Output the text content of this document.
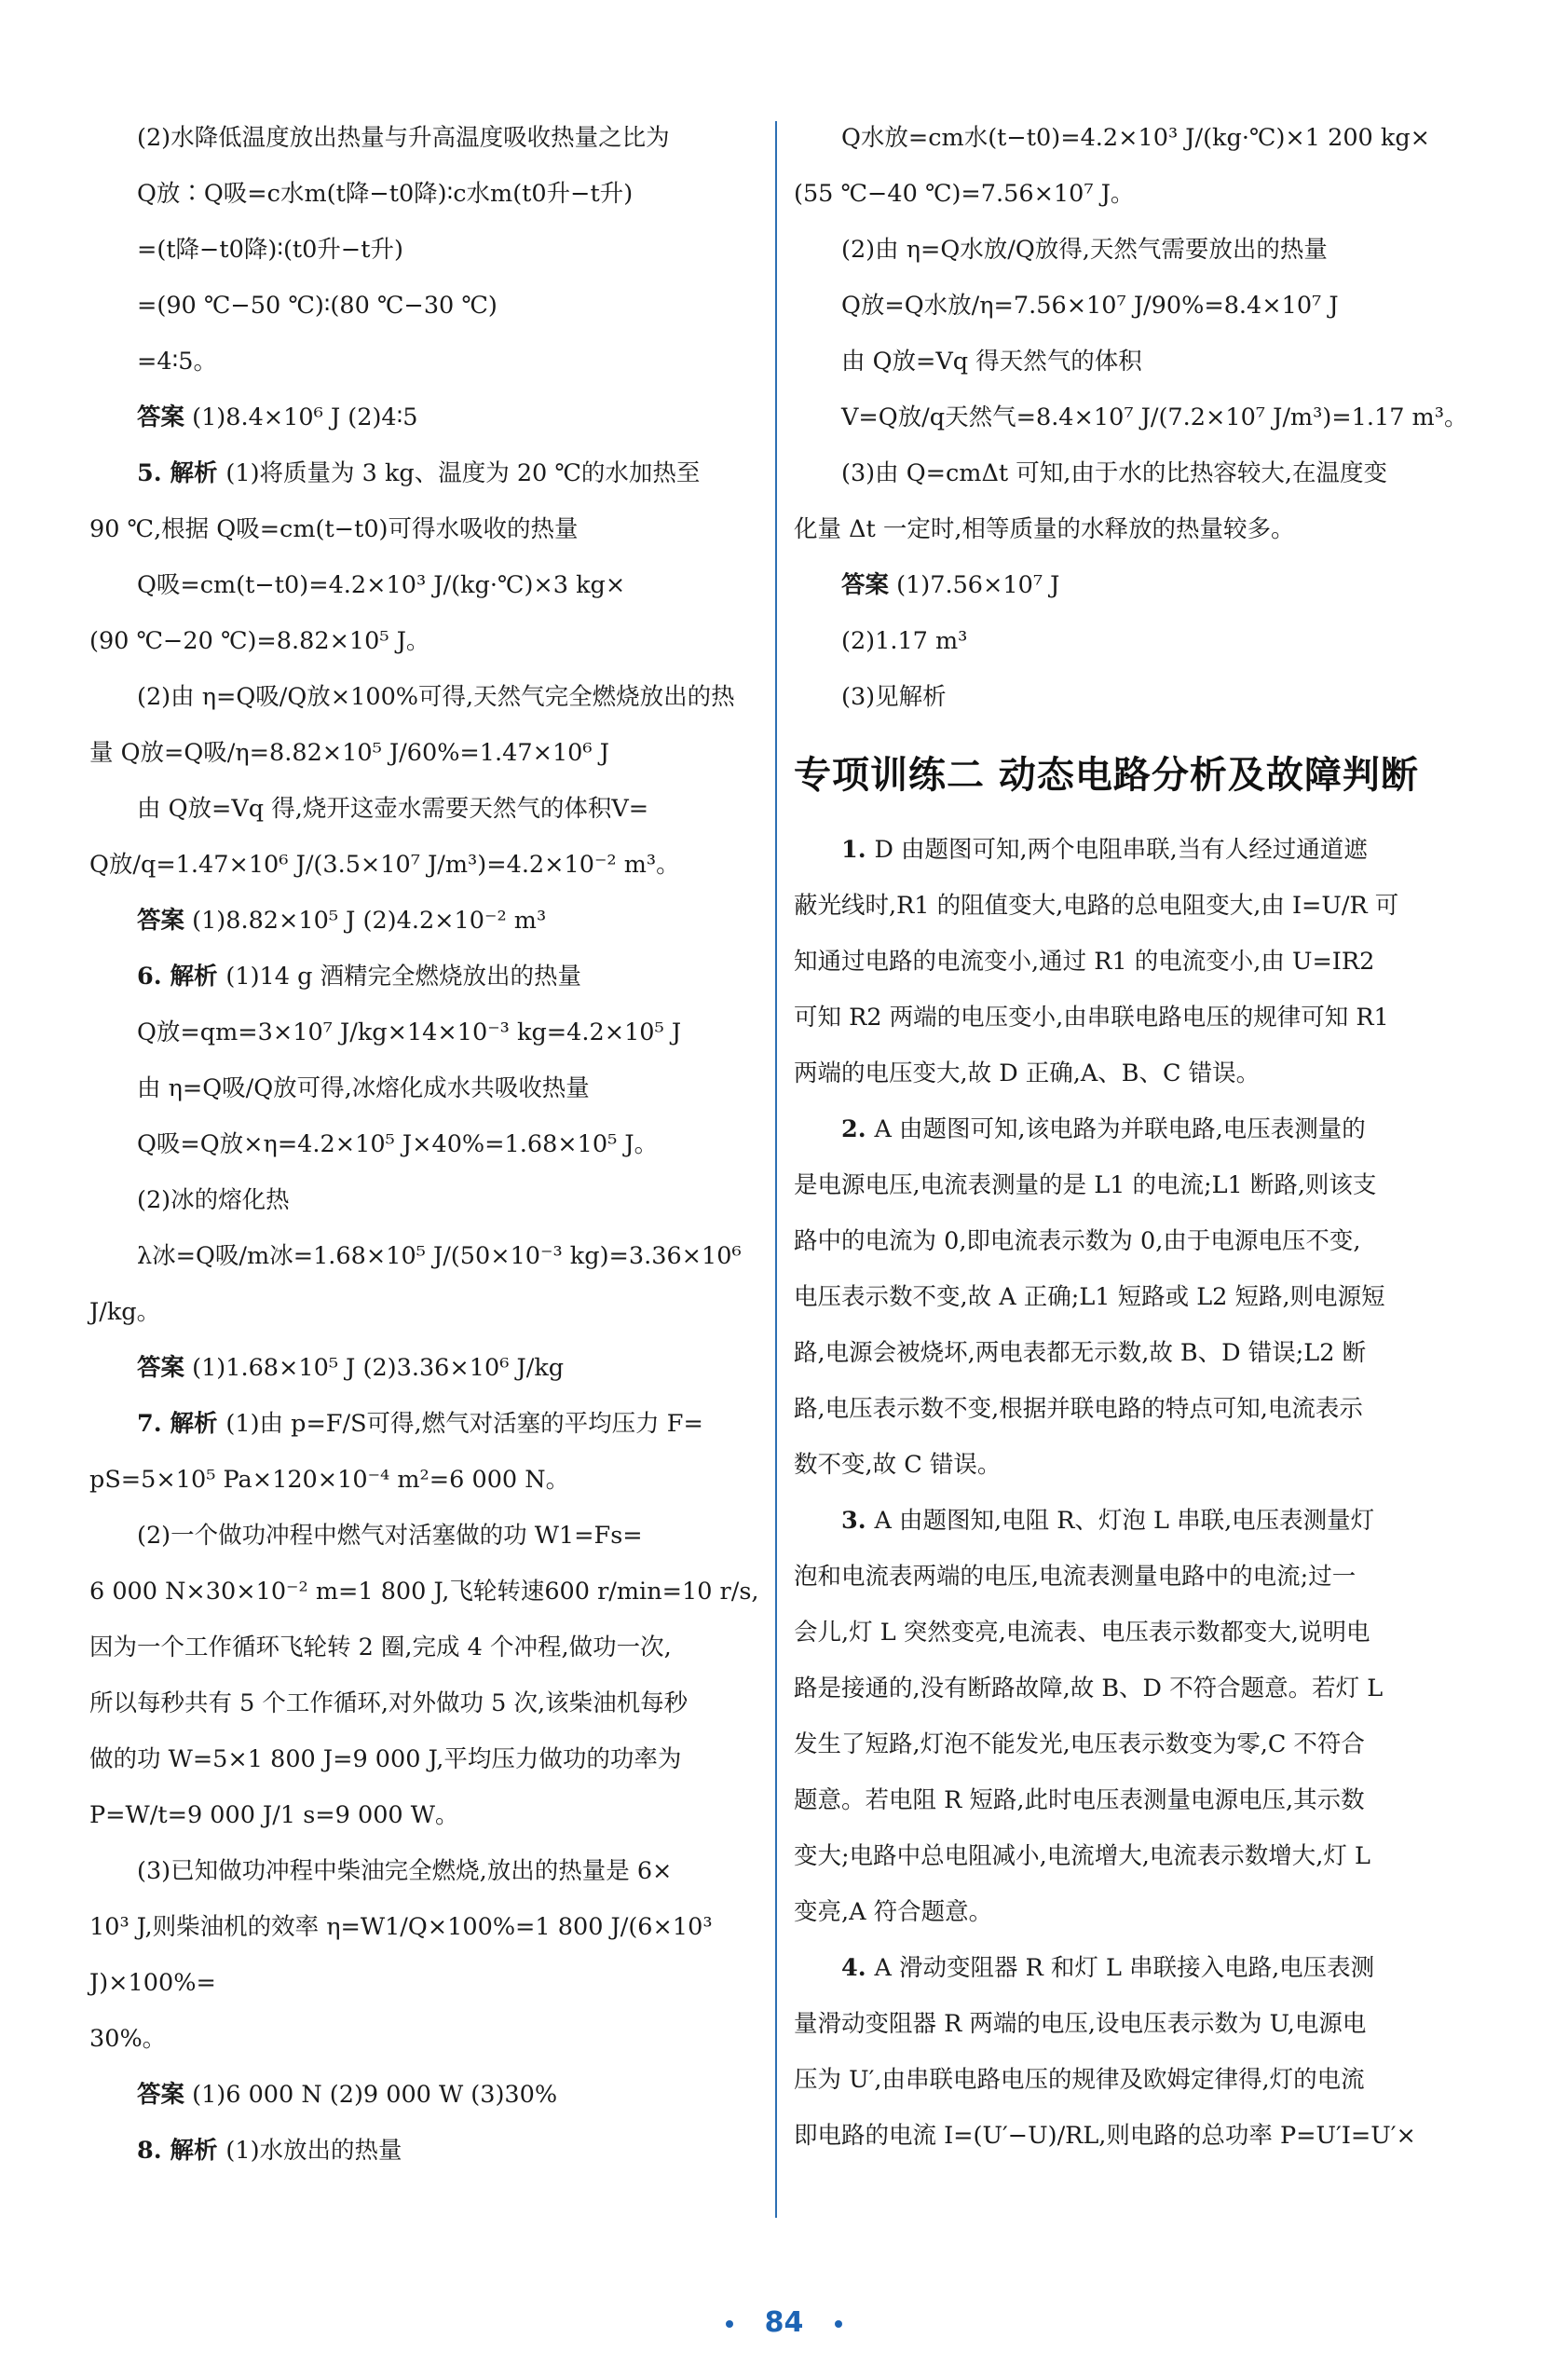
(2)水降低温度放出热量与升高温度吸收热量之比为
Q放∶Q吸=c水m(t降−t0降)∶c水m(t0升−t升)
=(t降−t0降)∶(t0升−t升)
=(90 ℃−50 ℃)∶(80 ℃−30 ℃)
=4∶5。
答案 (1)8.4×10⁶ J (2)4∶5
5. 解析 (1)将质量为 3 kg、温度为 20 ℃的水加热至
90 ℃,根据 Q吸=cm(t−t0)可得水吸收的热量
Q吸=cm(t−t0)=4.2×10³ J/(kg·℃)×3 kg×
(90 ℃−20 ℃)=8.82×10⁵ J。
(2)由 η=Q吸/Q放×100%可得,天然气完全燃烧放出的热
量 Q放=Q吸/η=8.82×10⁵ J/60%=1.47×10⁶ J
由 Q放=Vq 得,烧开这壶水需要天然气的体积V=
Q放/q=1.47×10⁶ J/(3.5×10⁷ J/m³)=4.2×10⁻² m³。
答案 (1)8.82×10⁵ J (2)4.2×10⁻² m³
6. 解析 (1)14 g 酒精完全燃烧放出的热量
Q放=qm=3×10⁷ J/kg×14×10⁻³ kg=4.2×10⁵ J
由 η=Q吸/Q放可得,冰熔化成水共吸收热量
Q吸=Q放×η=4.2×10⁵ J×40%=1.68×10⁵ J。
(2)冰的熔化热
λ冰=Q吸/m冰=1.68×10⁵ J/(50×10⁻³ kg)=3.36×10⁶ J/kg。
答案 (1)1.68×10⁵ J (2)3.36×10⁶ J/kg
7. 解析 (1)由 p=F/S可得,燃气对活塞的平均压力 F=
pS=5×10⁵ Pa×120×10⁻⁴ m²=6 000 N。
(2)一个做功冲程中燃气对活塞做的功 W1=Fs=
6 000 N×30×10⁻² m=1 800 J,飞轮转速600 r/min=10 r/s,
因为一个工作循环飞轮转 2 圈,完成 4 个冲程,做功一次,
所以每秒共有 5 个工作循环,对外做功 5 次,该柴油机每秒
做的功 W=5×1 800 J=9 000 J,平均压力做功的功率为
P=W/t=9 000 J/1 s=9 000 W。
(3)已知做功冲程中柴油完全燃烧,放出的热量是 6×
10³ J,则柴油机的效率 η=W1/Q×100%=1 800 J/(6×10³ J)×100%=
30%。
答案 (1)6 000 N (2)9 000 W (3)30%
8. 解析 (1)水放出的热量
Q水放=cm水(t−t0)=4.2×10³ J/(kg·℃)×1 200 kg×
(55 ℃−40 ℃)=7.56×10⁷ J。
(2)由 η=Q水放/Q放得,天然气需要放出的热量
Q放=Q水放/η=7.56×10⁷ J/90%=8.4×10⁷ J
由 Q放=Vq 得天然气的体积
V=Q放/q天然气=8.4×10⁷ J/(7.2×10⁷ J/m³)=1.17 m³。
(3)由 Q=cmΔt 可知,由于水的比热容较大,在温度变
化量 Δt 一定时,相等质量的水释放的热量较多。
答案 (1)7.56×10⁷ J
(2)1.17 m³
(3)见解析
专项训练二 动态电路分析及故障判断
1. D 由题图可知,两个电阻串联,当有人经过通道遮
蔽光线时,R1 的阻值变大,电路的总电阻变大,由 I=U/R 可
知通过电路的电流变小,通过 R1 的电流变小,由 U=IR2
可知 R2 两端的电压变小,由串联电路电压的规律可知 R1
两端的电压变大,故 D 正确,A、B、C 错误。
2. A 由题图可知,该电路为并联电路,电压表测量的
是电源电压,电流表测量的是 L1 的电流;L1 断路,则该支
路中的电流为 0,即电流表示数为 0,由于电源电压不变,
电压表示数不变,故 A 正确;L1 短路或 L2 短路,则电源短
路,电源会被烧坏,两电表都无示数,故 B、D 错误;L2 断
路,电压表示数不变,根据并联电路的特点可知,电流表示
数不变,故 C 错误。
3. A 由题图知,电阻 R、灯泡 L 串联,电压表测量灯
泡和电流表两端的电压,电流表测量电路中的电流;过一
会儿,灯 L 突然变亮,电流表、电压表示数都变大,说明电
路是接通的,没有断路故障,故 B、D 不符合题意。若灯 L
发生了短路,灯泡不能发光,电压表示数变为零,C 不符合
题意。若电阻 R 短路,此时电压表测量电源电压,其示数
变大;电路中总电阻减小,电流增大,电流表示数增大,灯 L
变亮,A 符合题意。
4. A 滑动变阻器 R 和灯 L 串联接入电路,电压表测
量滑动变阻器 R 两端的电压,设电压表示数为 U,电源电
压为 U′,由串联电路电压的规律及欧姆定律得,灯的电流
即电路的电流 I=(U′−U)/RL,则电路的总功率 P=U′I=U′×
84
